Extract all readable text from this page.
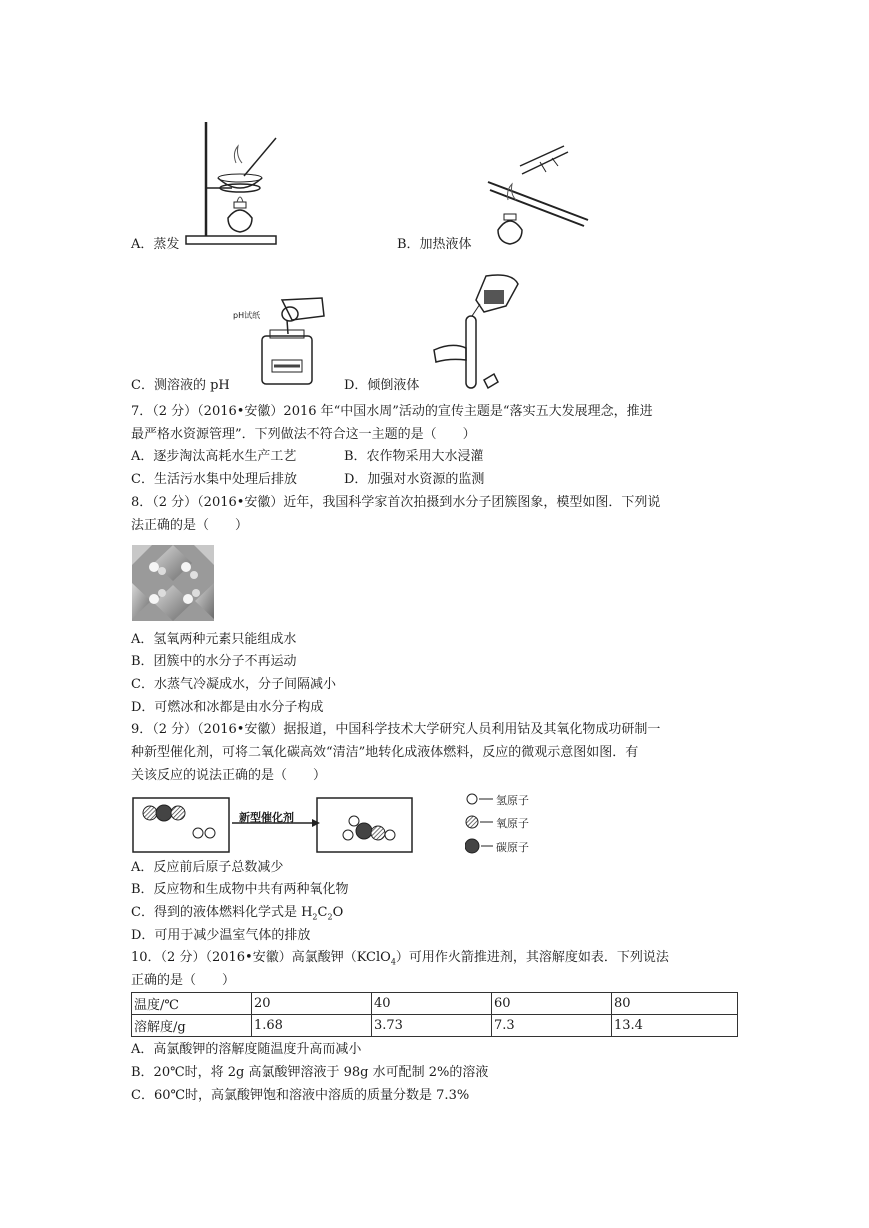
A．蒸发	B．加热液体
pH试纸
C．测溶液的 pH	D．倾倒液体
7．（2 分）（2016•安徽）2016 年“中国水周”活动的宣传主题是“落实五大发展理念，推进
最严格水资源管理”．下列做法不符合这一主题的是（　　）
A．逐步淘汰高耗水生产工艺	B．农作物采用大水浸灌
C．生活污水集中处理后排放	D．加强对水资源的监测
8．（2 分）（2016•安徽）近年，我国科学家首次拍摄到水分子团簇图象，模型如图．下列说
法正确的是（　　）
A．氢氧两种元素只能组成水
B．团簇中的水分子不再运动
C．水蒸气冷凝成水，分子间隔减小
D．可燃冰和冰都是由水分子构成
9．（2 分）（2016•安徽）据报道，中国科学技术大学研究人员利用钴及其氧化物成功研制一
种新型催化剂，可将二氧化碳高效“清洁”地转化成液体燃料，反应的微观示意图如图．有
关该反应的说法正确的是（　　）
新型催化剂
氢原子
氧原子
碳原子
A．反应前后原子总数减少
B．反应物和生成物中共有两种氧化物
C．得到的液体燃料化学式是 $H_2C_2O$
D．可用于减少温室气体的排放
10．（2 分）（2016•安徽）高氯酸钾（KClO$_4$）可用作火箭推进剂，其溶解度如表．下列说法
正确的是（　　）
温度/℃	20	40	60	80
溶解度/g	1.68	3.73	7.3	13.4
A．高氯酸钾的溶解度随温度升高而减小
B．20℃时，将 2g 高氯酸钾溶液于 98g 水可配制 2%的溶液
C．60℃时，高氯酸钾饱和溶液中溶质的质量分数是 7.3%
